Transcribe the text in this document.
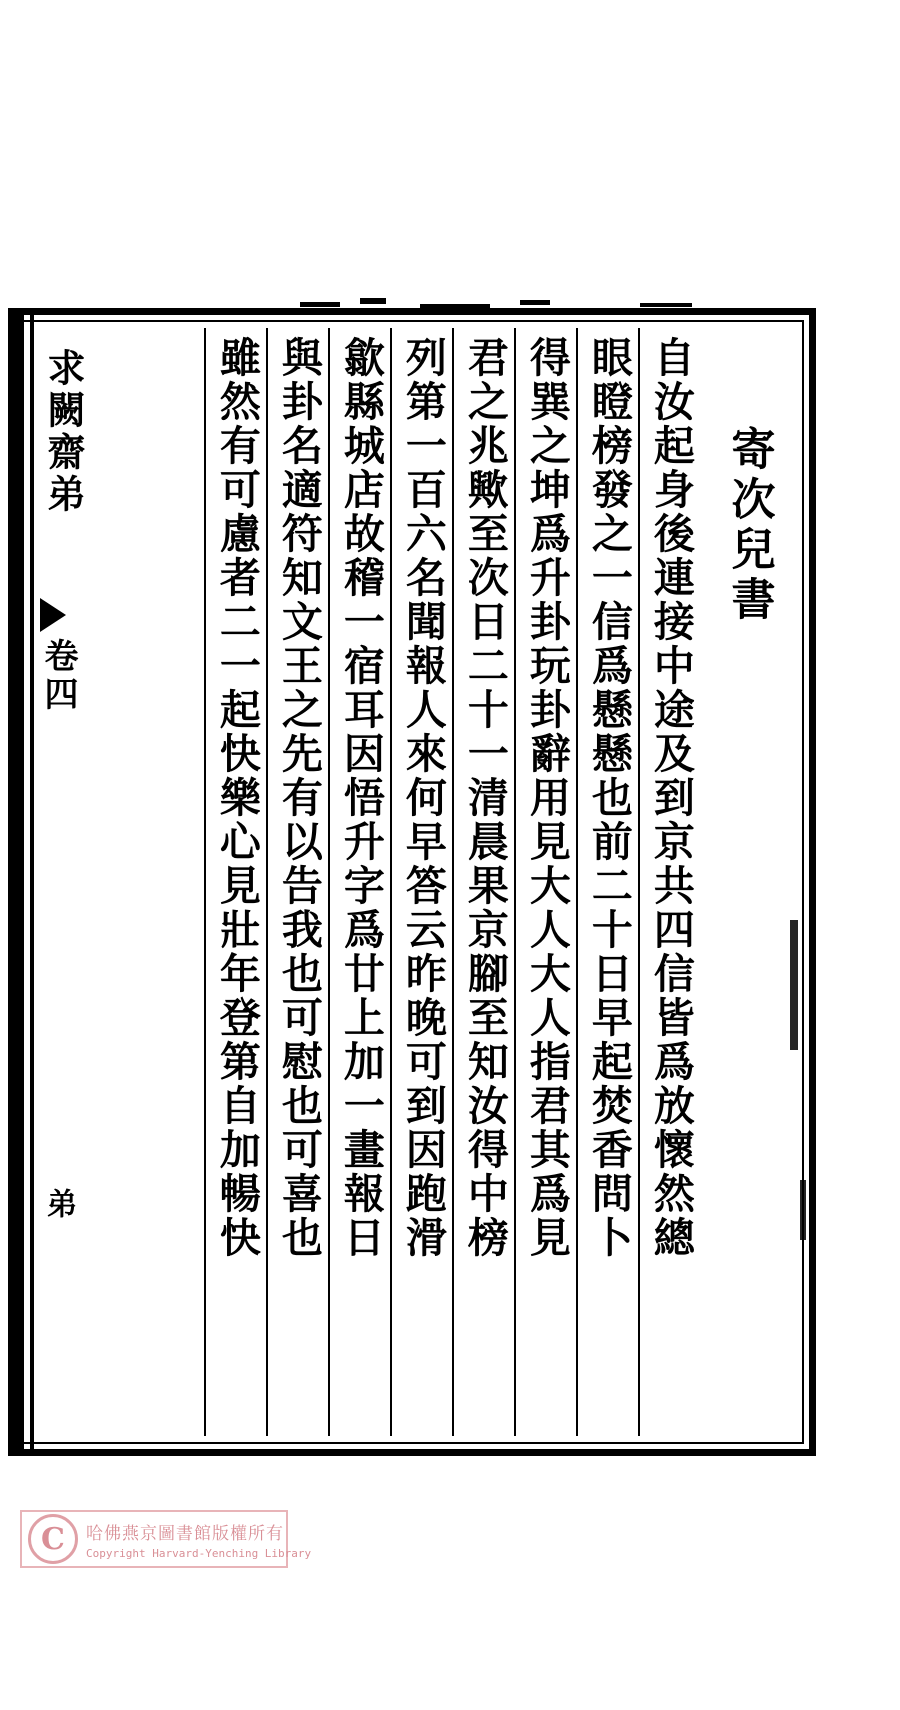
求闕齋弟
卷四
弟
寄次兒書
自汝起身後連接中途及到京共四信皆爲放懷然總
眼瞪榜發之一信爲懸懸也前二十日早起焚香問卜
得巽之坤爲升卦玩卦辭用見大人大人指君其爲見
君之兆歟至次日二十一清晨果京腳至知汝得中榜
列第一百六名聞報人來何早答云昨晚可到因跑滑
歙縣城店故稽一宿耳因悟升字爲廿上加一畫報日
與卦名適符知文王之先有以告我也可慰也可喜也
雖然有可慮者二一起快樂心見壯年登第自加暢快
C	哈佛燕京圖書館版權所有
Copyright Harvard-Yenching Library
